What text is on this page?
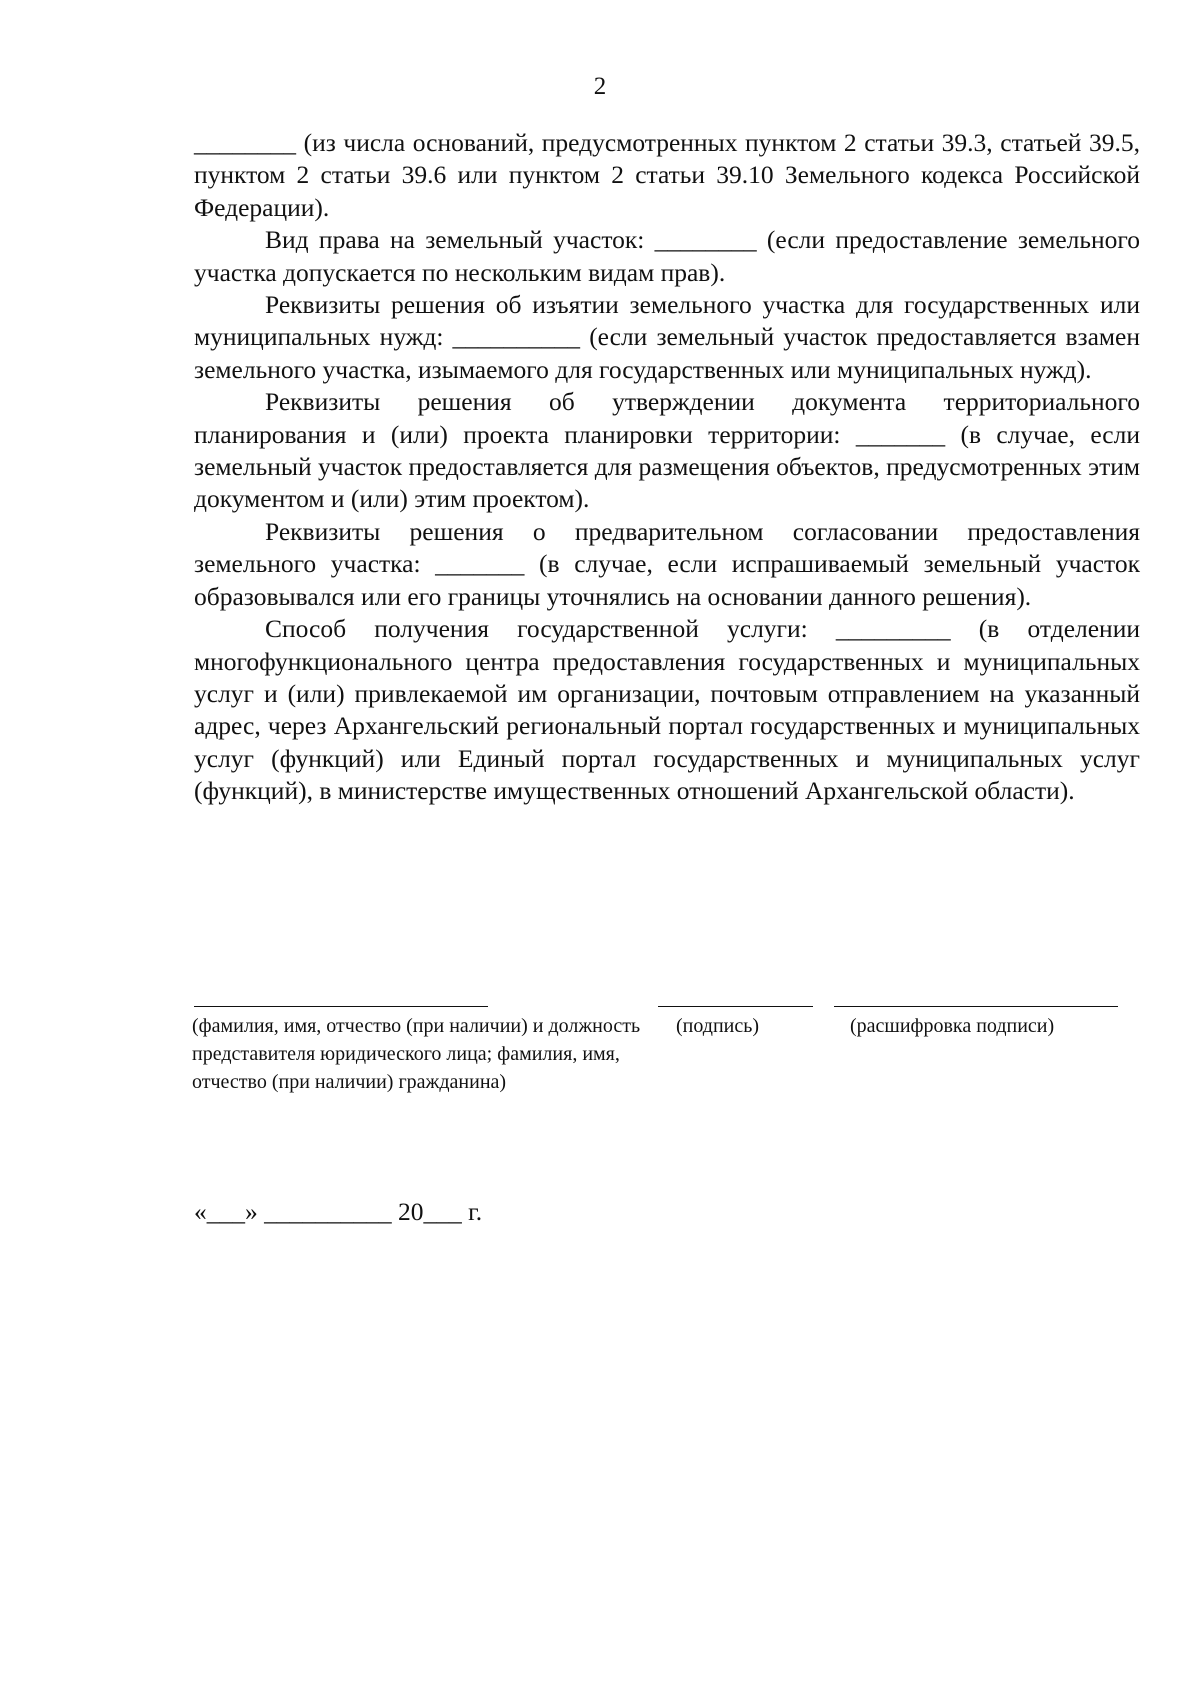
2

________ (из числа оснований, предусмотренных пунктом 2 статьи 39.3, статьей 39.5, пунктом 2 статьи 39.6 или пунктом 2 статьи 39.10 Земельного кодекса Российской Федерации).

Вид права на земельный участок: ________ (если предоставление земельного участка допускается по нескольким видам прав).

Реквизиты решения об изъятии земельного участка для государственных или муниципальных нужд: __________ (если земельный участок предоставляется взамен земельного участка, изымаемого для государственных или муниципальных нужд).

Реквизиты решения об утверждении документа территориального планирования и (или) проекта планировки территории: _______ (в случае, если земельный участок предоставляется для размещения объектов, предусмотренных этим документом и (или) этим проектом).

Реквизиты решения о предварительном согласовании предоставления земельного участка: _______ (в случае, если испрашиваемый земельный участок образовывался или его границы уточнялись на основании данного решения).

Способ получения государственной услуги: _________ (в отделении многофункционального центра предоставления государственных и муниципальных услуг и (или) привлекаемой им организации, почтовым отправлением на указанный адрес, через Архангельский региональный портал государственных и муниципальных услуг (функций) или Единый портал государственных и муниципальных услуг (функций), в министерстве имущественных отношений Архангельской области).

(фамилия, имя, отчество (при наличии) и должность представителя юридического лица; фамилия, имя, отчество (при наличии) гражданина)
(подпись)	(расшифровка подписи)
«___» __________ 20___ г.
